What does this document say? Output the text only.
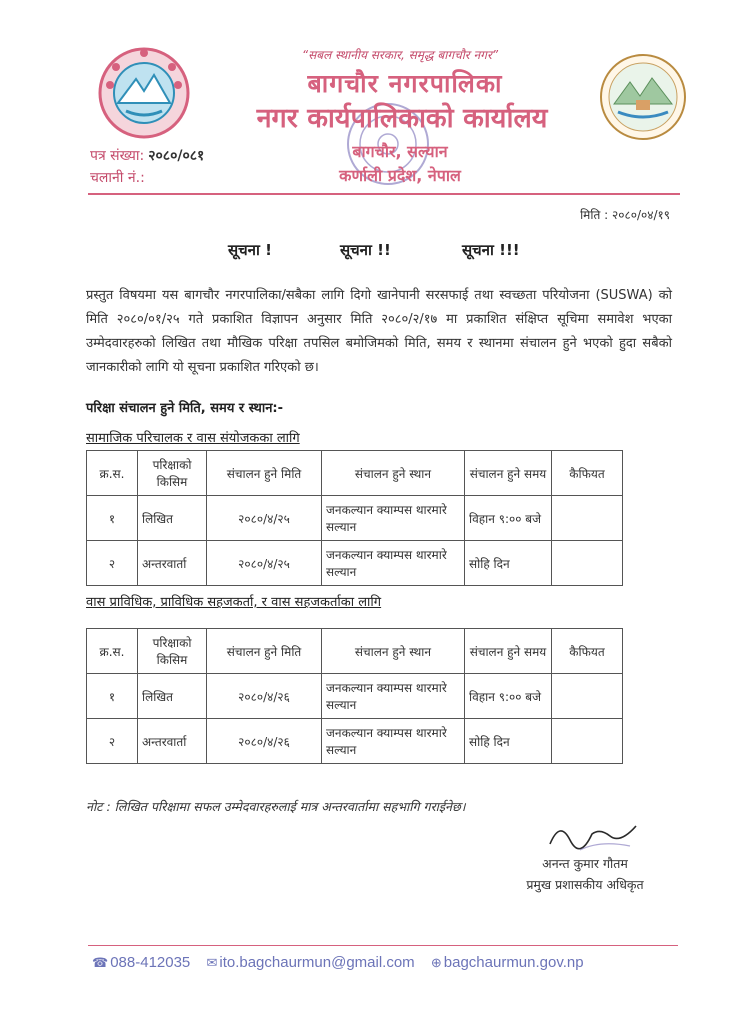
“सबल स्थानीय सरकार, समृद्ध बागचौर नगर”
बागचौर नगरपालिका
नगर कार्यपालिकाको कार्यालय
बागचौर, सल्यान
कर्णाली प्रदेश, नेपाल
पत्र संख्या: २०८०/०८१
चलानी नं.:
मिति : २०८०/०४/१९
सूचना !	सूचना !!	सूचना !!!
प्रस्तुत विषयमा यस बागचौर नगरपालिका/सबैका लागि दिगो खानेपानी सरसफाई तथा स्वच्छता परियोजना (SUSWA) को मिति २०८०/०१/२५ गते प्रकाशित विज्ञापन अनुसार मिति २०८०/२/१७ मा प्रकाशित संक्षिप्त सूचिमा समावेश भएका उम्मेदवारहरुको लिखित तथा मौखिक परिक्षा तपसिल बमोजिमको मिति, समय र स्थानमा संचालन हुने भएको हुदा सबैको जानकारीको लागि यो सूचना प्रकाशित गरिएको छ।
परिक्षा संचालन हुने मिति, समय र स्थान:-
सामाजिक परिचालक र वास संयोजकका लागि
क्र.स.	परिक्षाको किसिम	संचालन हुने मिति	संचालन हुने स्थान	संचालन हुने समय	कैफियत
१	लिखित	२०८०/४/२५	जनकल्यान क्याम्पस थारमारे सल्यान	विहान ९:०० बजे	
२	अन्तरवार्ता	२०८०/४/२५	जनकल्यान क्याम्पस थारमारे सल्यान	सोहि दिन	
वास प्राविधिक, प्राविधिक सहजकर्ता, र वास सहजकर्ताका लागि
क्र.स.	परिक्षाको किसिम	संचालन हुने मिति	संचालन हुने स्थान	संचालन हुने समय	कैफियत
१	लिखित	२०८०/४/२६	जनकल्यान क्याम्पस थारमारे सल्यान	विहान ९:०० बजे	
२	अन्तरवार्ता	२०८०/४/२६	जनकल्यान क्याम्पस थारमारे सल्यान	सोहि दिन	
नोट : लिखित परिक्षामा सफल उम्मेदवारहरुलाई मात्र अन्तरवार्तामा सहभागि गराईनेछ।
अनन्त कुमार गौतम
प्रमुख प्रशासकीय अधिकृत
☎ 088-412035 ✉ ito.bagchaurmun@gmail.com ⊕ bagchaurmun.gov.np
